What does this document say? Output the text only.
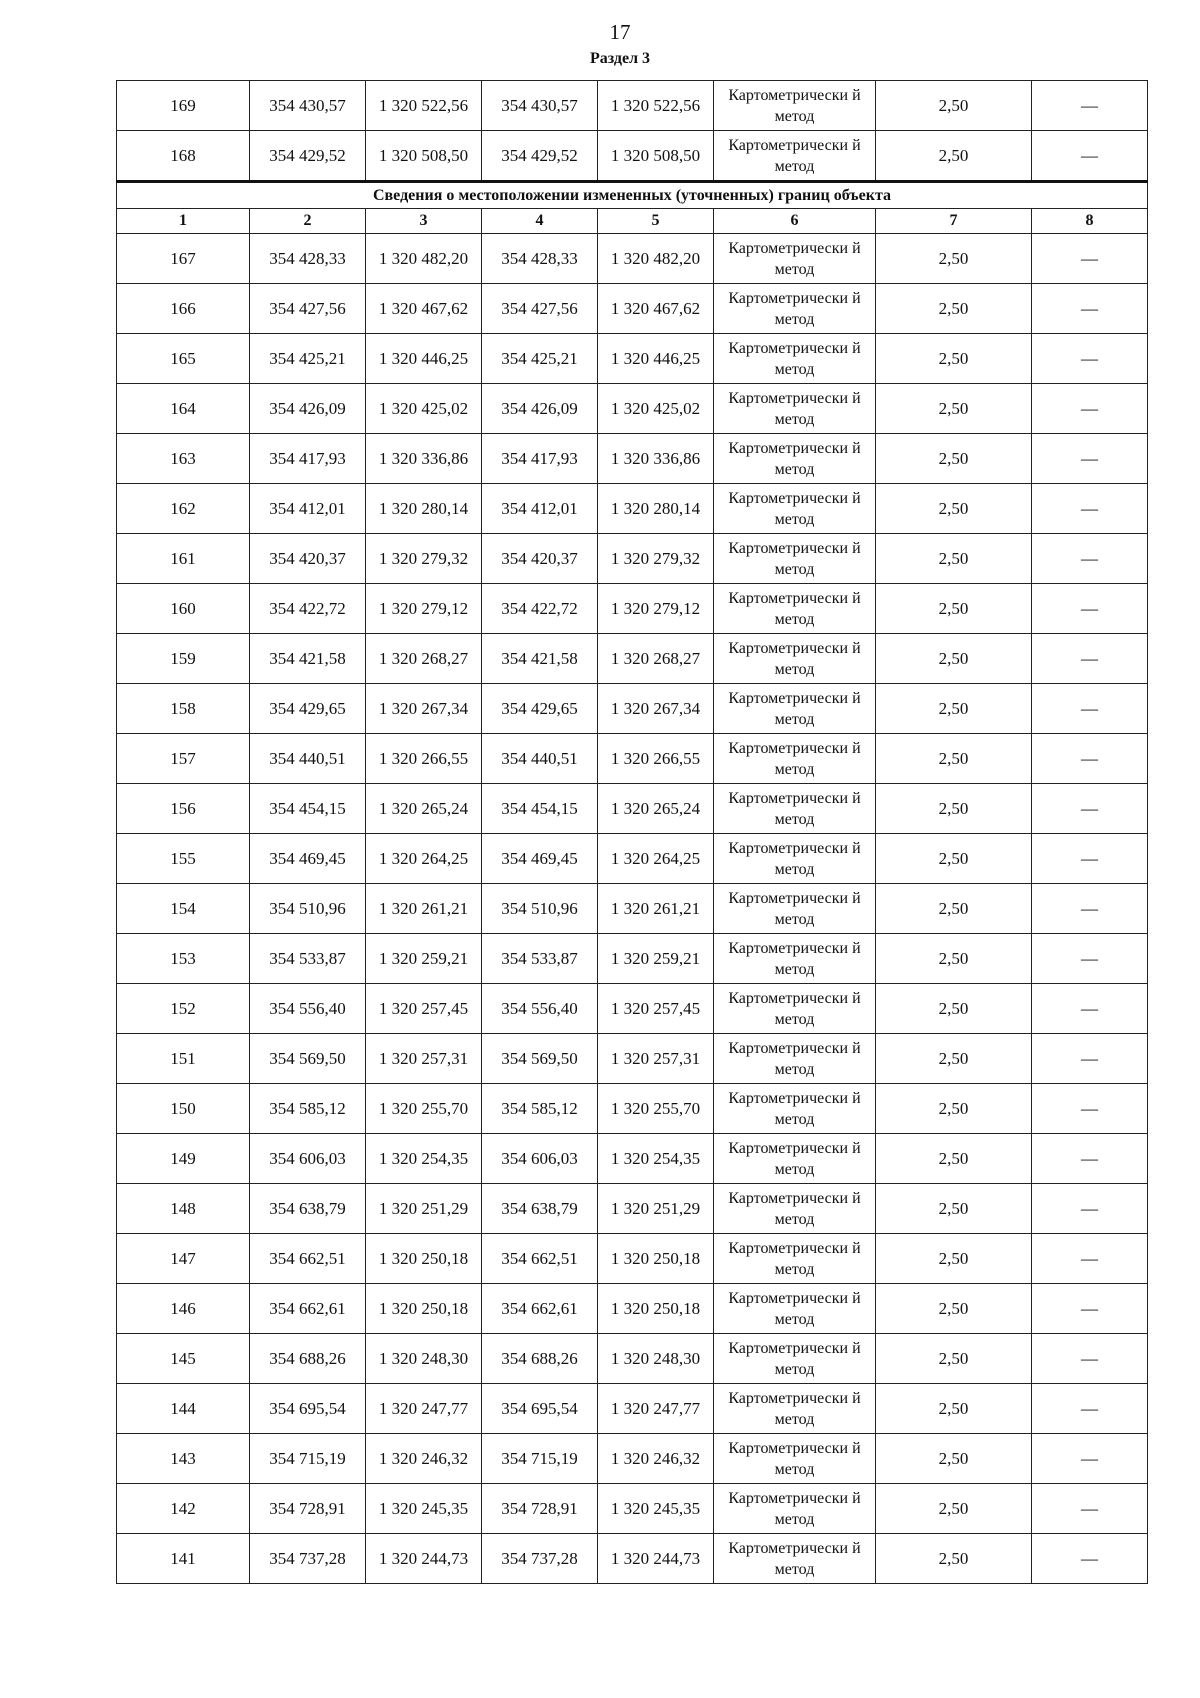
17
Раздел 3
169	354 430,57	1 320 522,56	354 430,57	1 320 522,56	Картометрически й метод	2,50	—
168	354 429,52	1 320 508,50	354 429,52	1 320 508,50	Картометрически й метод	2,50	—
Сведения о местоположении измененных (уточненных) границ объекта							
1	2	3	4	5	6	7	8
167	354 428,33	1 320 482,20	354 428,33	1 320 482,20	Картометрически й метод	2,50	—
166	354 427,56	1 320 467,62	354 427,56	1 320 467,62	Картометрически й метод	2,50	—
165	354 425,21	1 320 446,25	354 425,21	1 320 446,25	Картометрически й метод	2,50	—
164	354 426,09	1 320 425,02	354 426,09	1 320 425,02	Картометрически й метод	2,50	—
163	354 417,93	1 320 336,86	354 417,93	1 320 336,86	Картометрически й метод	2,50	—
162	354 412,01	1 320 280,14	354 412,01	1 320 280,14	Картометрически й метод	2,50	—
161	354 420,37	1 320 279,32	354 420,37	1 320 279,32	Картометрически й метод	2,50	—
160	354 422,72	1 320 279,12	354 422,72	1 320 279,12	Картометрически й метод	2,50	—
159	354 421,58	1 320 268,27	354 421,58	1 320 268,27	Картометрически й метод	2,50	—
158	354 429,65	1 320 267,34	354 429,65	1 320 267,34	Картометрически й метод	2,50	—
157	354 440,51	1 320 266,55	354 440,51	1 320 266,55	Картометрически й метод	2,50	—
156	354 454,15	1 320 265,24	354 454,15	1 320 265,24	Картометрически й метод	2,50	—
155	354 469,45	1 320 264,25	354 469,45	1 320 264,25	Картометрически й метод	2,50	—
154	354 510,96	1 320 261,21	354 510,96	1 320 261,21	Картометрически й метод	2,50	—
153	354 533,87	1 320 259,21	354 533,87	1 320 259,21	Картометрически й метод	2,50	—
152	354 556,40	1 320 257,45	354 556,40	1 320 257,45	Картометрически й метод	2,50	—
151	354 569,50	1 320 257,31	354 569,50	1 320 257,31	Картометрически й метод	2,50	—
150	354 585,12	1 320 255,70	354 585,12	1 320 255,70	Картометрически й метод	2,50	—
149	354 606,03	1 320 254,35	354 606,03	1 320 254,35	Картометрически й метод	2,50	—
148	354 638,79	1 320 251,29	354 638,79	1 320 251,29	Картометрически й метод	2,50	—
147	354 662,51	1 320 250,18	354 662,51	1 320 250,18	Картометрически й метод	2,50	—
146	354 662,61	1 320 250,18	354 662,61	1 320 250,18	Картометрически й метод	2,50	—
145	354 688,26	1 320 248,30	354 688,26	1 320 248,30	Картометрически й метод	2,50	—
144	354 695,54	1 320 247,77	354 695,54	1 320 247,77	Картометрически й метод	2,50	—
143	354 715,19	1 320 246,32	354 715,19	1 320 246,32	Картометрически й метод	2,50	—
142	354 728,91	1 320 245,35	354 728,91	1 320 245,35	Картометрически й метод	2,50	—
141	354 737,28	1 320 244,73	354 737,28	1 320 244,73	Картометрически й метод	2,50	—
